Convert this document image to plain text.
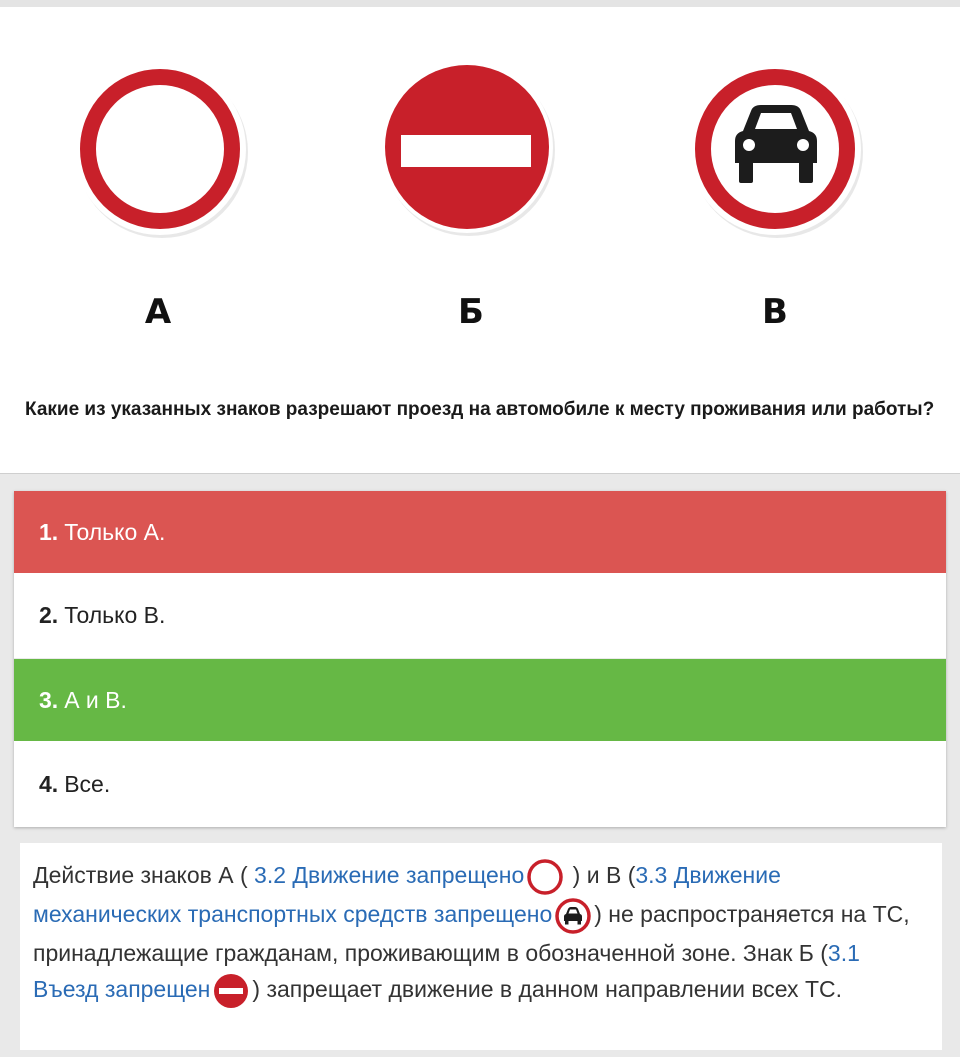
А	Б	В
Какие из указанных знаков разрешают проезд на автомобиле к месту проживания или работы?
1. Только А.
2. Только В.
3. А и В.
4. Все.
Действие знаков А ( 3.2 Движение запрещено ) и В (3.3 Движение механических транспортных средств запрещено ) не распространяется на ТС, принадлежащие гражданам, проживающим в обозначенной зоне. Знак Б (3.1 Въезд запрещен ) запрещает движение в данном направлении всех ТС.
